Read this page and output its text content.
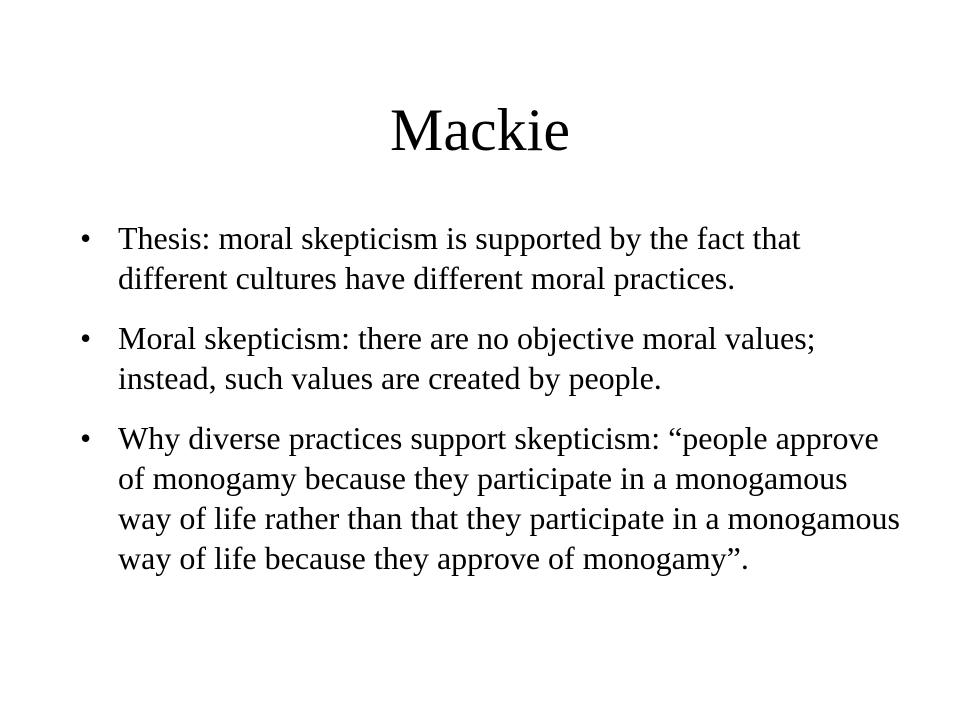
Mackie
• Thesis: moral skepticism is supported by the fact that different cultures have different moral practices.
• Moral skepticism: there are no objective moral values; instead, such values are created by people.
• Why diverse practices support skepticism: “people approve of monogamy because they participate in a monogamous way of life rather than that they participate in a monogamous way of life because they approve of monogamy”.
